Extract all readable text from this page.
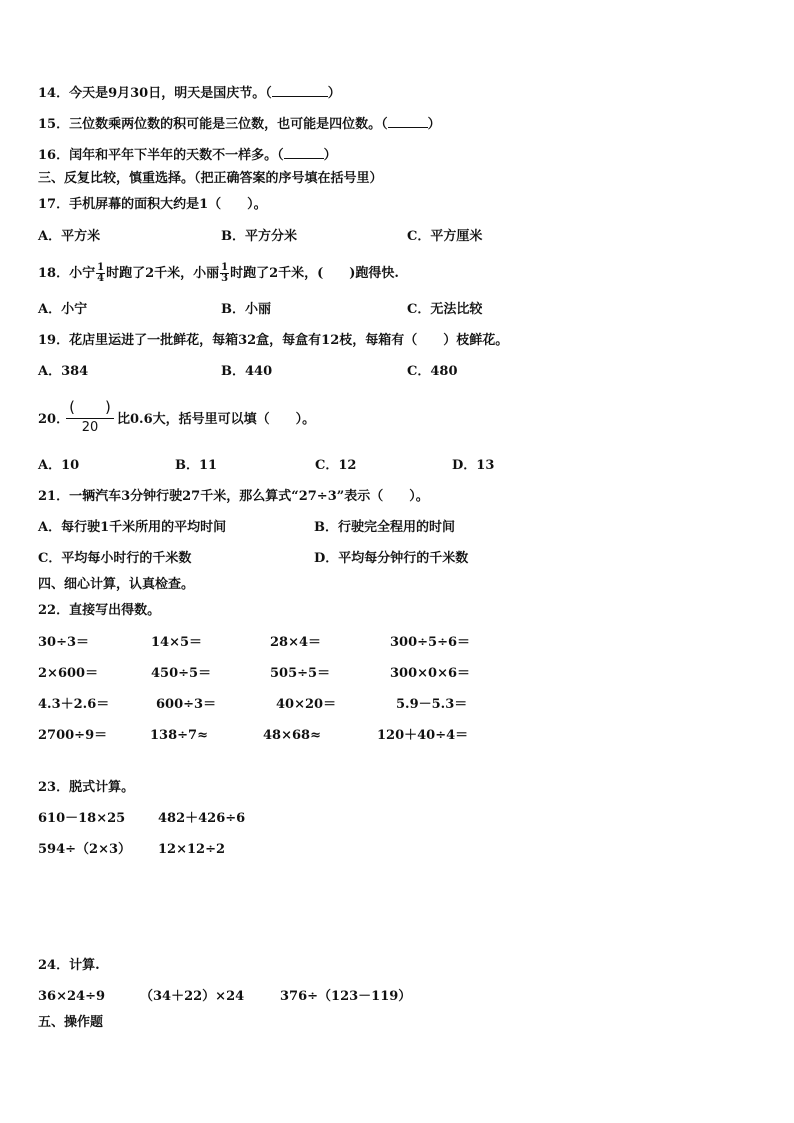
14．今天是9月30日，明天是国庆节。（	）
15．三位数乘两位数的积可能是三位数，也可能是四位数。（	）
16．闰年和平年下半年的天数不一样多。（	）
三、反复比较，慎重选择。（把正确答案的序号填在括号里）
17．手机屏幕的面积大约是1（　　）。
A．平方米	B．平方分米	C．平方厘米
18．小宁 $\frac{1}{4}$ 时跑了2千米，小丽 $\frac{1}{3}$ 时跑了2千米，(　　)跑得快.
A．小宁	B．小丽	C．无法比较
19．花店里运进了一批鲜花，每箱32盒，每盒有12枝，每箱有（　　）枝鲜花。
A．384	B．440	C．480
20．
(　　)
20
比0.6大，括号里可以填（　　）。
A．10	B．11	C．12	D．13
21．一辆汽车3分钟行驶27千米，那么算式“27÷3”表示（　　）。
A．每行驶1千米所用的平均时间	B．行驶完全程用的时间
C．平均每小时行的千米数	D．平均每分钟行的千米数
四、细心计算，认真检查。
22．直接写出得数。
30÷3＝	14×5＝	28×4＝	300÷5÷6＝
2×600＝	450÷5＝	505÷5＝	300×0×6＝
4.3＋2.6＝	600÷3＝	40×20＝	5.9－5.3＝
2700÷9＝	138÷7≈	48×68≈	120＋40÷4＝
23．脱式计算。
610－18×25	482＋426÷6
594÷（2×3） 12×12÷2
24．计算.
36×24÷9	（34＋22）×24	376÷（123－119）
五、操作题
